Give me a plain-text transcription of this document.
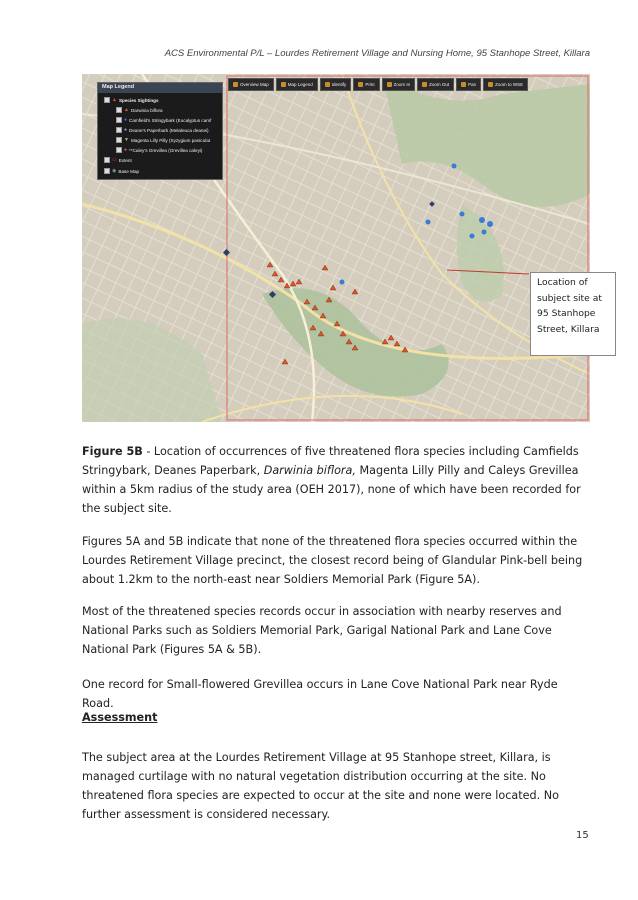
ACS Environmental P/L – Lourdes Retirement Village and Nursing Home, 95 Stanhope Street, Killara
Overview Map	Map Legend	Identify	Print	Zoom In	Zoom Out	Pan	Zoom to WSE
Map Legend
▲ Species Sightings
▲ Darwinia biflora
● Camfield's Stringybark (Eucalyptus camf
● Deane's Paperbark (Melaleuca deanei)
▼ Magenta Lilly Pilly (Syzygium paniculat
● **Caley's Grevillea (Grevillea caleyi)
▭ Extent
◉ Base Map
Location of subject site at 95 Stanhope Street, Killara
Figure 5B - Location of occurrences of five threatened flora species including Camfields Stringybark, Deanes Paperbark, Darwinia biflora, Magenta Lilly Pilly and Caleys Grevillea within a 5km radius of the study area (OEH 2017), none of which have been recorded for the subject site.
Figures 5A and 5B indicate that none of the threatened flora species occurred within the Lourdes Retirement Village precinct, the closest record being of Glandular Pink-bell being about 1.2km to the north-east near Soldiers Memorial Park (Figure 5A).
Most of the threatened species records occur in association with nearby reserves and National Parks such as Soldiers Memorial Park, Garigal National Park and Lane Cove National Park (Figures 5A & 5B).
One record for Small-flowered Grevillea occurs in Lane Cove National Park near Ryde Road.
Assessment
The subject area at the Lourdes Retirement Village at 95 Stanhope street, Killara, is managed curtilage with no natural vegetation distribution occurring at the site. No threatened flora species are expected to occur at the site and none were located. No further assessment is considered necessary.
15
